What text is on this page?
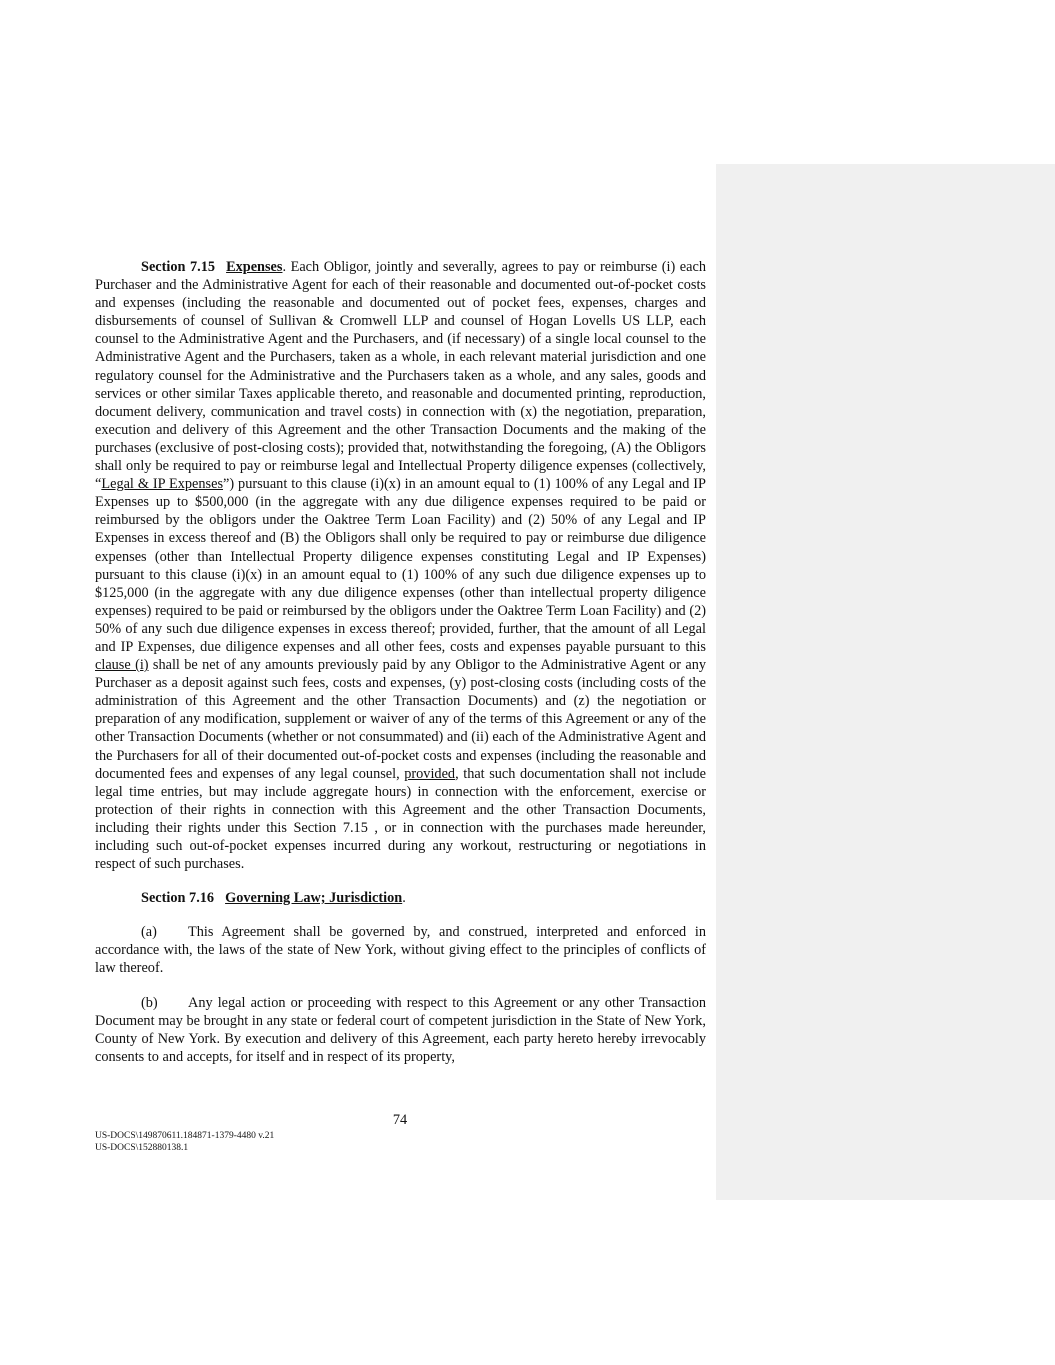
Section 7.15 Expenses. Each Obligor, jointly and severally, agrees to pay or reimburse (i) each Purchaser and the Administrative Agent for each of their reasonable and documented out-of-pocket costs and expenses (including the reasonable and documented out of pocket fees, expenses, charges and disbursements of counsel of Sullivan & Cromwell LLP and counsel of Hogan Lovells US LLP, each counsel to the Administrative Agent and the Purchasers, and (if necessary) of a single local counsel to the Administrative Agent and the Purchasers, taken as a whole, in each relevant material jurisdiction and one regulatory counsel for the Administrative and the Purchasers taken as a whole, and any sales, goods and services or other similar Taxes applicable thereto, and reasonable and documented printing, reproduction, document delivery, communication and travel costs) in connection with (x) the negotiation, preparation, execution and delivery of this Agreement and the other Transaction Documents and the making of the purchases (exclusive of post-closing costs); provided that, notwithstanding the foregoing, (A) the Obligors shall only be required to pay or reimburse legal and Intellectual Property diligence expenses (collectively, “Legal & IP Expenses”) pursuant to this clause (i)(x) in an amount equal to (1) 100% of any Legal and IP Expenses up to $500,000 (in the aggregate with any due diligence expenses required to be paid or reimbursed by the obligors under the Oaktree Term Loan Facility) and (2) 50% of any Legal and IP Expenses in excess thereof and (B) the Obligors shall only be required to pay or reimburse due diligence expenses (other than Intellectual Property diligence expenses constituting Legal and IP Expenses) pursuant to this clause (i)(x) in an amount equal to (1) 100% of any such due diligence expenses up to $125,000 (in the aggregate with any due diligence expenses (other than intellectual property diligence expenses) required to be paid or reimbursed by the obligors under the Oaktree Term Loan Facility) and (2) 50% of any such due diligence expenses in excess thereof; provided, further, that the amount of all Legal and IP Expenses, due diligence expenses and all other fees, costs and expenses payable pursuant to this clause (i) shall be net of any amounts previously paid by any Obligor to the Administrative Agent or any Purchaser as a deposit against such fees, costs and expenses, (y) post-closing costs (including costs of the administration of this Agreement and the other Transaction Documents) and (z) the negotiation or preparation of any modification, supplement or waiver of any of the terms of this Agreement or any of the other Transaction Documents (whether or not consummated) and (ii) each of the Administrative Agent and the Purchasers for all of their documented out-of-pocket costs and expenses (including the reasonable and documented fees and expenses of any legal counsel, provided, that such documentation shall not include legal time entries, but may include aggregate hours) in connection with the enforcement, exercise or protection of their rights in connection with this Agreement and the other Transaction Documents, including their rights under this Section 7.15 , or in connection with the purchases made hereunder, including such out-of-pocket expenses incurred during any workout, restructuring or negotiations in respect of such purchases.

Section 7.16 Governing Law; Jurisdiction.

(a) This Agreement shall be governed by, and construed, interpreted and enforced in accordance with, the laws of the state of New York, without giving effect to the principles of conflicts of law thereof.

(b) Any legal action or proceeding with respect to this Agreement or any other Transaction Document may be brought in any state or federal court of competent jurisdiction in the State of New York, County of New York. By execution and delivery of this Agreement, each party hereto hereby irrevocably consents to and accepts, for itself and in respect of its property,

74
US-DOCS\149870611.184871-1379-4480 v.21
US-DOCS\152880138.1
